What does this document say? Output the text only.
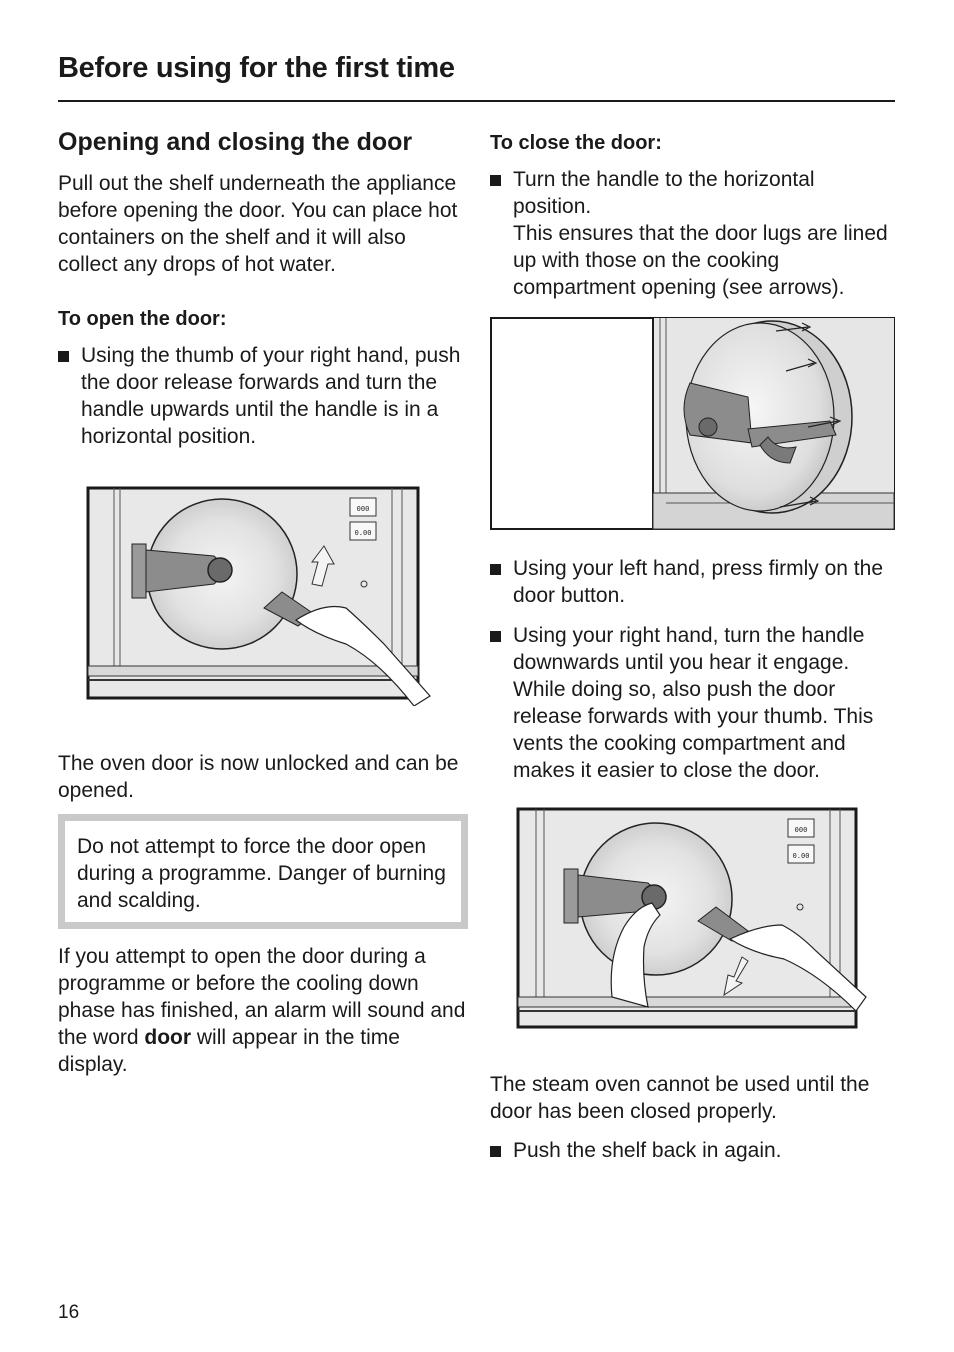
Before using for the first time
Opening and closing the door

Pull out the shelf underneath the appliance before opening the door. You can place hot containers on the shelf and it will also collect any drops of hot water.

To open the door:
Using the thumb of your right hand, push the door release forwards and turn the handle upwards until the handle is in a horizontal position.
000
0.00

The oven door is now unlocked and can be opened.

Do not attempt to force the door open during a programme. Danger of burning and scalding.

If you attempt to open the door during a programme or before the cooling down phase has finished, an alarm will sound and the word door will appear in the time display.

To close the door:
Turn the handle to the horizontal position.
This ensures that the door lugs are lined up with those on the cooking compartment opening (see arrows).
Using your left hand, press firmly on the door button.
Using your right hand, turn the handle downwards until you hear it engage. While doing so, also push the door release forwards with your thumb. This vents the cooking compartment and makes it easier to close the door.
000
0.00

The steam oven cannot be used until the door has been closed properly.

Push the shelf back in again.
16
